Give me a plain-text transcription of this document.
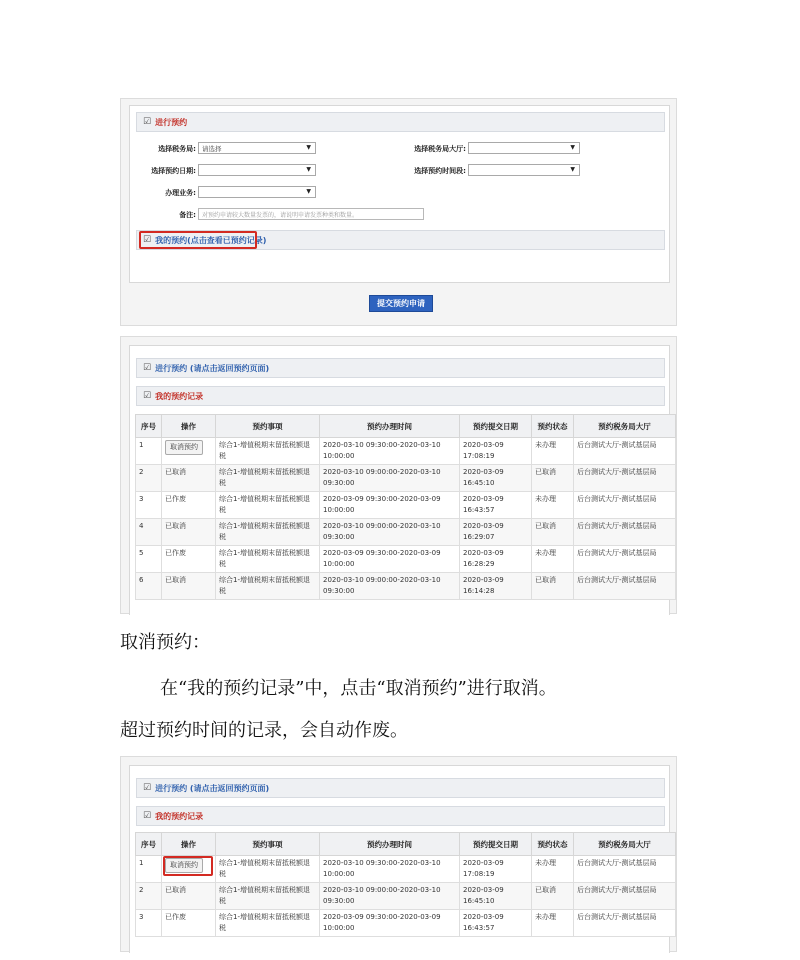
☑ 进行预约
选择税务局: 请选择	▼	选择税务局大厅:	▼
选择预约日期:	▼	选择预约时间段:	▼
办理业务:	▼
备注:	对预约申请较大数量发票的，请说明申请发票种类和数量。
☑ 我的预约(点击查看已预约记录)
提交预约申请
☑ 进行预约 (请点击返回预约页面)
☑ 我的预约记录
序号	操作	预约事项	预约办理时间	预约提交日期	预约状态	预约税务局大厅
1	取消预约	综合1-增值税期末留抵税额退税	2020-03-10 09:30:00-2020-03-10 10:00:00	2020-03-09 17:08:19	未办理	后台测试大厅-测试基层局
2	已取消	综合1-增值税期末留抵税额退税	2020-03-10 09:00:00-2020-03-10 09:30:00	2020-03-09 16:45:10	已取消	后台测试大厅-测试基层局
3	已作废	综合1-增值税期末留抵税额退税	2020-03-09 09:30:00-2020-03-09 10:00:00	2020-03-09 16:43:57	未办理	后台测试大厅-测试基层局
4	已取消	综合1-增值税期末留抵税额退税	2020-03-10 09:00:00-2020-03-10 09:30:00	2020-03-09 16:29:07	已取消	后台测试大厅-测试基层局
5	已作废	综合1-增值税期末留抵税额退税	2020-03-09 09:30:00-2020-03-09 10:00:00	2020-03-09 16:28:29	未办理	后台测试大厅-测试基层局
6	已取消	综合1-增值税期末留抵税额退税	2020-03-10 09:00:00-2020-03-10 09:30:00	2020-03-09 16:14:28	已取消	后台测试大厅-测试基层局
取消预约：
在“我的预约记录”中，点击“取消预约”进行取消。
超过预约时间的记录，会自动作废。
☑ 进行预约 (请点击返回预约页面)
☑ 我的预约记录
序号	操作	预约事项	预约办理时间	预约提交日期	预约状态	预约税务局大厅
1	取消预约	综合1-增值税期末留抵税额退税	2020-03-10 09:30:00-2020-03-10 10:00:00	2020-03-09 17:08:19	未办理	后台测试大厅-测试基层局
2	已取消	综合1-增值税期末留抵税额退税	2020-03-10 09:00:00-2020-03-10 09:30:00	2020-03-09 16:45:10	已取消	后台测试大厅-测试基层局
3	已作废	综合1-增值税期末留抵税额退税	2020-03-09 09:30:00-2020-03-09 10:00:00	2020-03-09 16:43:57	未办理	后台测试大厅-测试基层局
